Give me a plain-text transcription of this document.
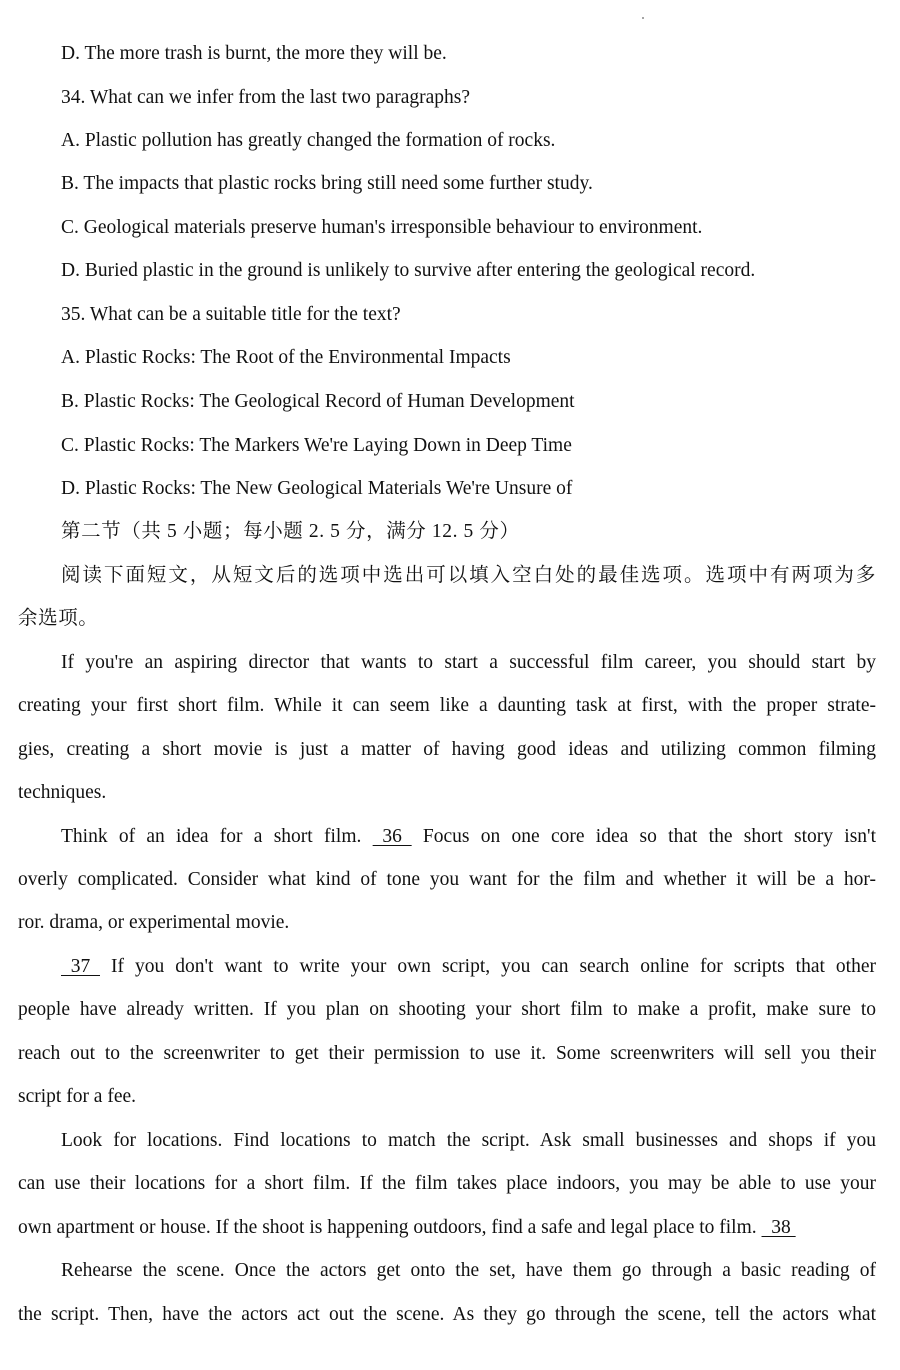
D. The more trash is burnt, the more they will be.
34. What can we infer from the last two paragraphs?
A. Plastic pollution has greatly changed the formation of rocks.
B. The impacts that plastic rocks bring still need some further study.
C. Geological materials preserve human's irresponsible behaviour to environment.
D. Buried plastic in the ground is unlikely to survive after entering the geological record.
35. What can be a suitable title for the text?
A. Plastic Rocks: The Root of the Environmental Impacts
B. Plastic Rocks: The Geological Record of Human Development
C. Plastic Rocks: The Markers We're Laying Down in Deep Time
D. Plastic Rocks: The New Geological Materials We're Unsure of
第二节（共 5 小题；每小题 2. 5 分，满分 12. 5 分）
阅读下面短文，从短文后的选项中选出可以填入空白处的最佳选项。选项中有两项为多
余选项。
If you're an aspiring director that wants to start a successful film career, you should start by
creating your first short film. While it can seem like a daunting task at first, with the proper strate-
gies, creating a short movie is just a matter of having good ideas and utilizing common filming
techniques.
Think of an idea for a short film.   36   Focus on one core idea so that the short story isn't
overly complicated. Consider what kind of tone you want for the film and whether it will be a hor-
ror. drama, or experimental movie.
37   If you don't want to write your own script, you can search online for scripts that other
people have already written. If you plan on shooting your short film to make a profit, make sure to
reach out to the screenwriter to get their permission to use it. Some screenwriters will sell you their
script for a fee.
Look for locations. Find locations to match the script. Ask small businesses and shops if you
can use their locations for a short film. If the film takes place indoors, you may be able to use your
own apartment or house. If the shoot is happening outdoors, find a safe and legal place to film.   38
Rehearse the scene. Once the actors get onto the set, have them go through a basic reading of
the script. Then, have the actors act out the scene. As they go through the scene, tell the actors what
